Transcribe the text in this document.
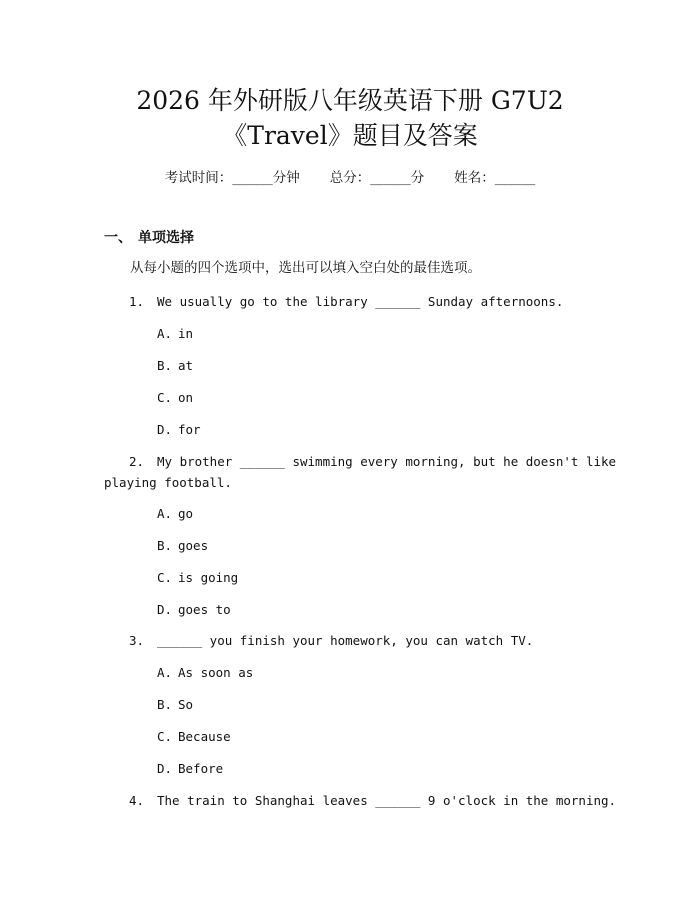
2026 年外研版八年级英语下册 G7U2
《Travel》题目及答案
考试时间：______分钟 总分：______分 姓名：______
一、 单项选择
从每小题的四个选项中，选出可以填入空白处的最佳选项。
1.	We usually go to the library ______ Sunday afternoons.
A. in
B. at
C. on
D. for
2.	My brother ______ swimming every morning, but he doesn't like
playing football.
A. go
B. goes
C. is going
D. goes to
3.	______ you finish your homework, you can watch TV.
A. As soon as
B. So
C. Because
D. Before
4.	The train to Shanghai leaves ______ 9 o'clock in the morning.
